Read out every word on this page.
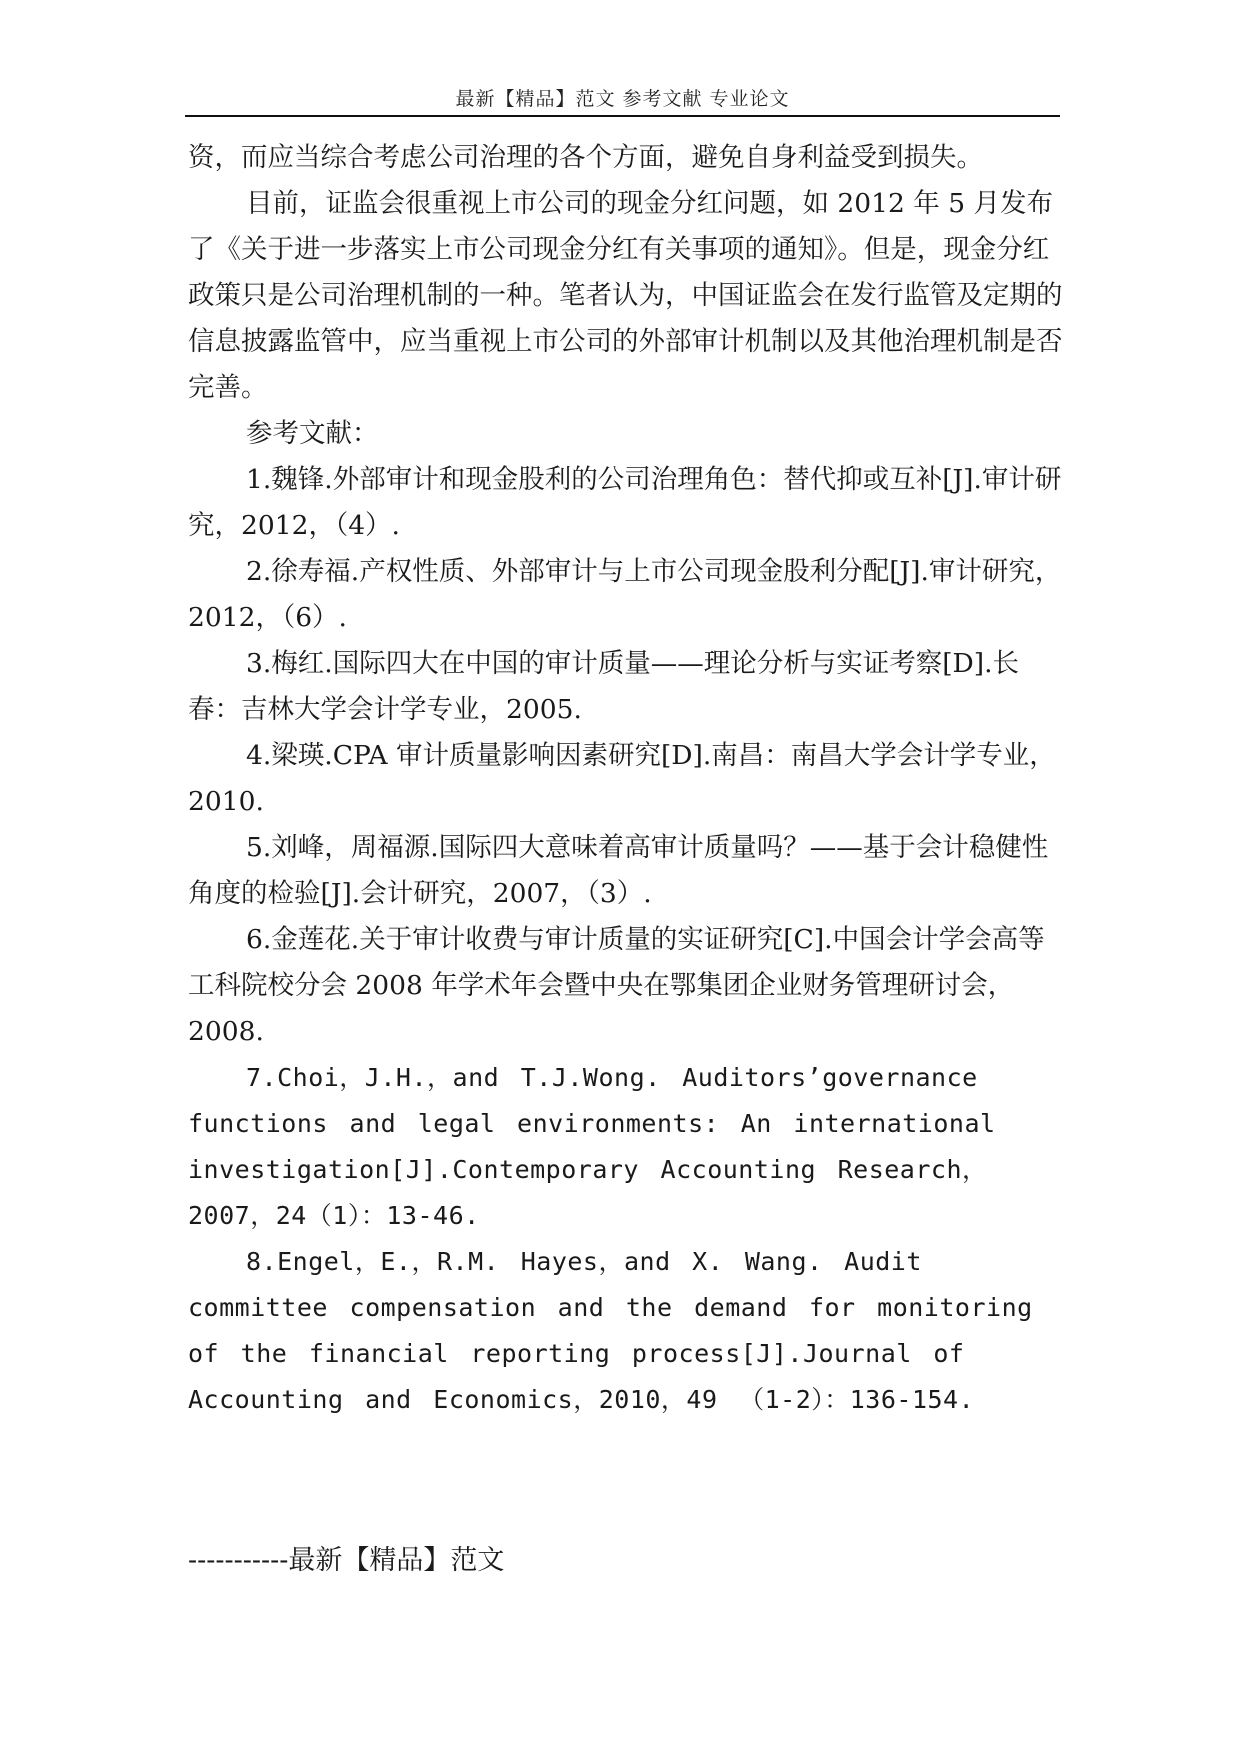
最新【精品】范文 参考文献 专业论文

资，而应当综合考虑公司治理的各个方面，避免自身利益受到损失。

目前，证监会很重视上市公司的现金分红问题，如 2012 年 5 月发布了《关于进一步落实上市公司现金分红有关事项的通知》。但是，现金分红政策只是公司治理机制的一种。笔者认为，中国证监会在发行监管及定期的信息披露监管中，应当重视上市公司的外部审计机制以及其他治理机制是否完善。

参考文献：

1.魏锋.外部审计和现金股利的公司治理角色：替代抑或互补[J].审计研究，2012，（4）.

2.徐寿福.产权性质、外部审计与上市公司现金股利分配[J].审计研究，2012，（6）.

3.梅红.国际四大在中国的审计质量——理论分析与实证考察[D].长春：吉林大学会计学专业，2005.

4.梁瑛.CPA 审计质量影响因素研究[D].南昌：南昌大学会计学专业，2010.

5.刘峰，周福源.国际四大意味着高审计质量吗？——基于会计稳健性角度的检验[J].会计研究，2007，（3）.

6.金莲花.关于审计收费与审计质量的实证研究[C].中国会计学会高等工科院校分会 2008 年学术年会暨中央在鄂集团企业财务管理研讨会，2008.

7.Choi，J.H.，and T.J.Wong. Auditors’governance functions and legal environments: An international investigation[J].Contemporary Accounting Research， 2007，24（1）：13-46.

8.Engel，E.，R.M. Hayes，and X. Wang. Audit committee compensation and the demand for monitoring of the financial reporting process[J].Journal of Accounting and Economics，2010，49 （1-2）：136-154.

-----------最新【精品】范文
